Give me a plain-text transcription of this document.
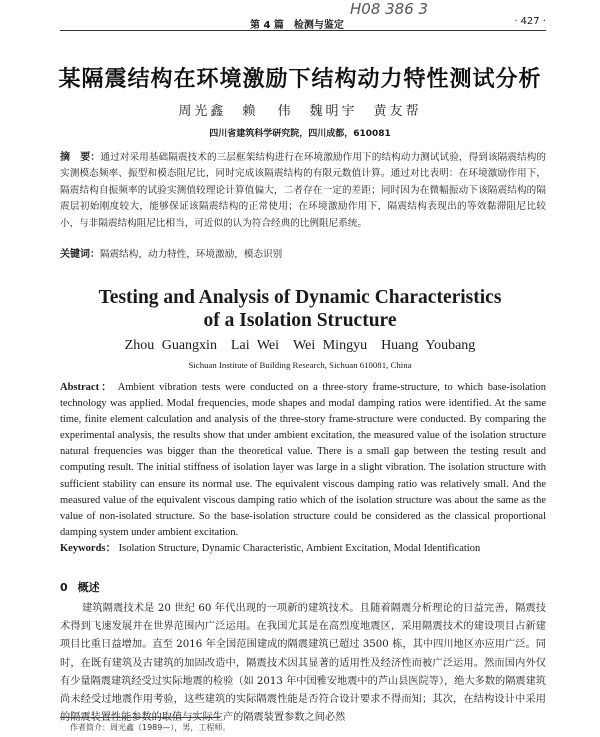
H08 386 3
第 4 篇　检测与鉴定	· 427 ·
某隔震结构在环境激励下结构动力特性测试分析
周光鑫　赖 伟　魏明宇　黄友帮
四川省建筑科学研究院，四川成都，610081
摘　要：通过对采用基础隔震技术的三层框架结构进行在环境激励作用下的结构动力测试试验，得到该隔震结构的实测模态频率、振型和模态阻尼比，同时完成该隔震结构的有限元数值计算。通过对比表明：在环境激励作用下，隔震结构自振频率的试验实测值较理论计算值偏大，二者存在一定的差距；同时因为在微幅振动下该隔震结构的隔震层初始刚度较大，能够保证该隔震结构的正常使用；在环境激励作用下，隔震结构表现出的等效黏滞阻尼比较小，与非隔震结构阻尼比相当，可近似的认为符合经典的比例阻尼系统。
关键词：隔震结构，动力特性，环境激励，模态识别
Testing and Analysis of Dynamic Characteristics
of a Isolation Structure
Zhou Guangxin　Lai Wei　Wei Mingyu　Huang Youbang
Sichuan Institute of Building Research, Sichuan 610081, China
Abstract： Ambient vibration tests were conducted on a three-story frame-structure, to which base-isolation technology was applied. Modal frequencies, mode shapes and modal damping ratios were identified. At the same time, finite element calculation and analysis of the three-story frame-structure were conducted. By comparing the experimental analysis, the results show that under ambient excitation, the measured value of the isolation structure natural frequencies was bigger than the theoretical value. There is a small gap between the testing result and computing result. The initial stiffness of isolation layer was large in a slight vibration. The isolation structure with sufficient stability can ensure its normal use. The equivalent viscous damping ratio was relatively small. And the measured value of the equivalent viscous damping ratio which of the isolation structure was about the same as the value of non-isolated structure. So the base-isolation structure could be considered as the classical proportional damping system under ambient excitation.
Keywords： Isolation Structure, Dynamic Characteristic, Ambient Excitation, Modal Identification
0 概述
建筑隔震技术是 20 世纪 60 年代出现的一项新的建筑技术。且随着隔震分析理论的日益完善，隔震技术得到飞速发展并在世界范围内广泛运用。在我国尤其是在高烈度地震区，采用隔震技术的建设项目占新建项目比重日益增加。直至 2016 年全国范围建成的隔震建筑已超过 3500 栋，其中四川地区亦应用广泛。同时，在既有建筑及古建筑的加固改造中，隔震技术因其显著的适用性及经济性而被广泛运用。然而国内外仅有少量隔震建筑经受过实际地震的检验（如 2013 年中国雅安地震中的芦山县医院等），绝大多数的隔震建筑尚未经受过地震作用考验，这些建筑的实际隔震性能是否符合设计要求不得而知；其次，在结构设计中采用的隔震装置性能参数的取值与实际生产的隔震装置参数之间必然
作者简介：周光鑫（1989—），男，工程师。
